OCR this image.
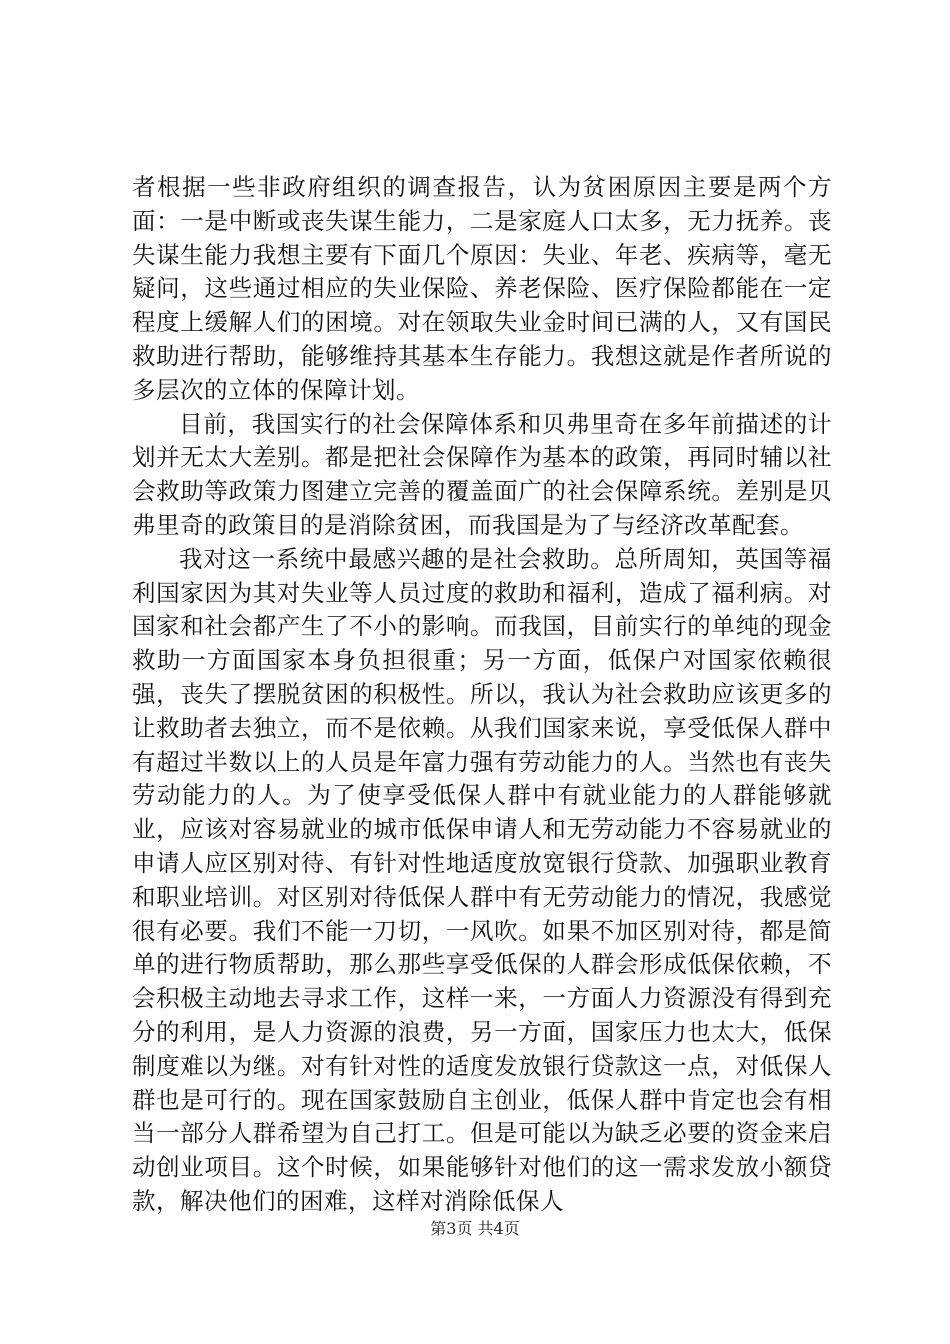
者根据一些非政府组织的调查报告，认为贫困原因主要是两个方面：一是中断或丧失谋生能力，二是家庭人口太多，无力抚养。丧失谋生能力我想主要有下面几个原因：失业、年老、疾病等，毫无疑问，这些通过相应的失业保险、养老保险、医疗保险都能在一定程度上缓解人们的困境。对在领取失业金时间已满的人，又有国民救助进行帮助，能够维持其基本生存能力。我想这就是作者所说的多层次的立体的保障计划。

目前，我国实行的社会保障体系和贝弗里奇在多年前描述的计划并无太大差别。都是把社会保障作为基本的政策，再同时辅以社会救助等政策力图建立完善的覆盖面广的社会保障系统。差别是贝弗里奇的政策目的是消除贫困，而我国是为了与经济改革配套。

我对这一系统中最感兴趣的是社会救助。总所周知，英国等福利国家因为其对失业等人员过度的救助和福利，造成了福利病。对国家和社会都产生了不小的影响。而我国，目前实行的单纯的现金救助一方面国家本身负担很重；另一方面，低保户对国家依赖很强，丧失了摆脱贫困的积极性。所以，我认为社会救助应该更多的让救助者去独立，而不是依赖。从我们国家来说，享受低保人群中有超过半数以上的人员是年富力强有劳动能力的人。当然也有丧失劳动能力的人。为了使享受低保人群中有就业能力的人群能够就业，应该对容易就业的城市低保申请人和无劳动能力不容易就业的申请人应区别对待、有针对性地适度放宽银行贷款、加强职业教育和职业培训。对区别对待低保人群中有无劳动能力的情况，我感觉很有必要。我们不能一刀切，一风吹。如果不加区别对待，都是简单的进行物质帮助，那么那些享受低保的人群会形成低保依赖，不会积极主动地去寻求工作，这样一来，一方面人力资源没有得到充分的利用，是人力资源的浪费，另一方面，国家压力也太大，低保制度难以为继。对有针对性的适度发放银行贷款这一点，对低保人群也是可行的。现在国家鼓励自主创业，低保人群中肯定也会有相当一部分人群希望为自己打工。但是可能以为缺乏必要的资金来启动创业项目。这个时候，如果能够针对他们的这一需求发放小额贷款，解决他们的困难，这样对消除低保人

第3页 共4页
